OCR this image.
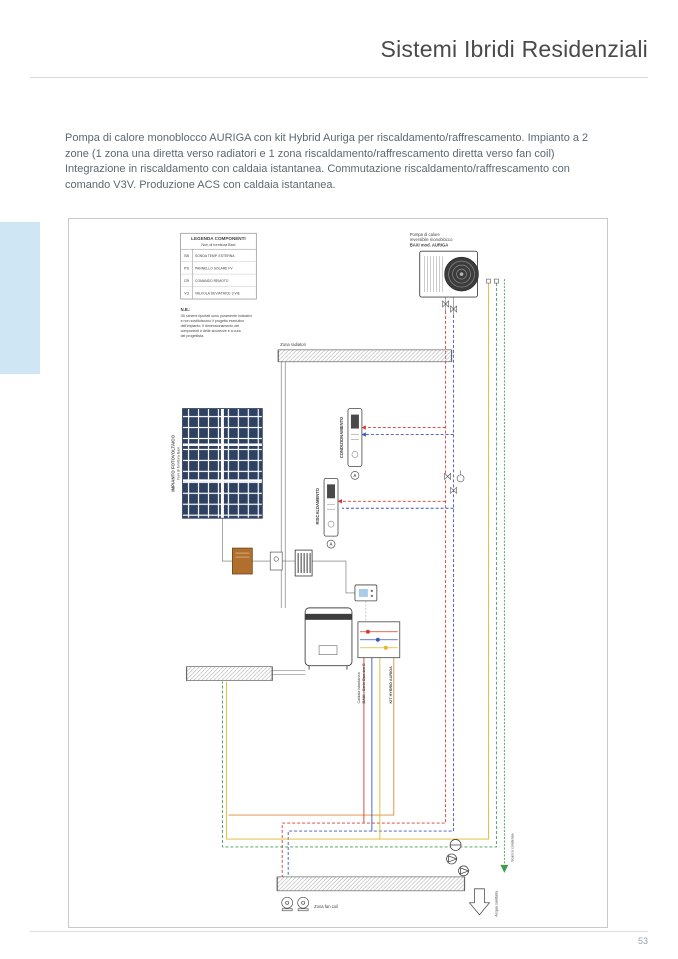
Sistemi Ibridi Residenziali
Pompa di calore monoblocco AURIGA con kit Hybrid Auriga per riscaldamento/raffrescamento. Impianto a 2 zone (1 zona una diretta verso radiatori e 1 zona riscaldamento/raffrescamento diretta verso fan coil) Integrazione in riscaldamento con caldaia istantanea. Commutazione riscaldamento/raffrescamento con comando V3V. Produzione ACS con caldaia istantanea.
LEGENDA COMPONENTI
Non di fornitura Baxi
SB SONDA TEMP. ESTERNA
PS PANNELLO SOLARE FV
CR COMANDO REMOTO
V3 VALVOLA DEVIATRICE 3 VIE
N.B.:
Gli schemi riportati sono puramente indicativi
e non sostituiscono il progetto esecutivo
dell'impianto. Il dimensionamento dei
componenti e delle sicurezze è a cura
del progettista.
Pompa di calore
reversibile monoblocco
BAXI mod. AURIGA
Zona radiatori
IMPIANTO FOTOVOLTAICO Non di fornitura Baxi
CONDIZIONAMENTO
A
RISCALDAMENTO
A
Caldaia istantanea BAXI - Serie Duo-tec E	KIT HYBRID AURIGA
Zona fan coil	Acqua sanitaria
Scarico condensa
53
